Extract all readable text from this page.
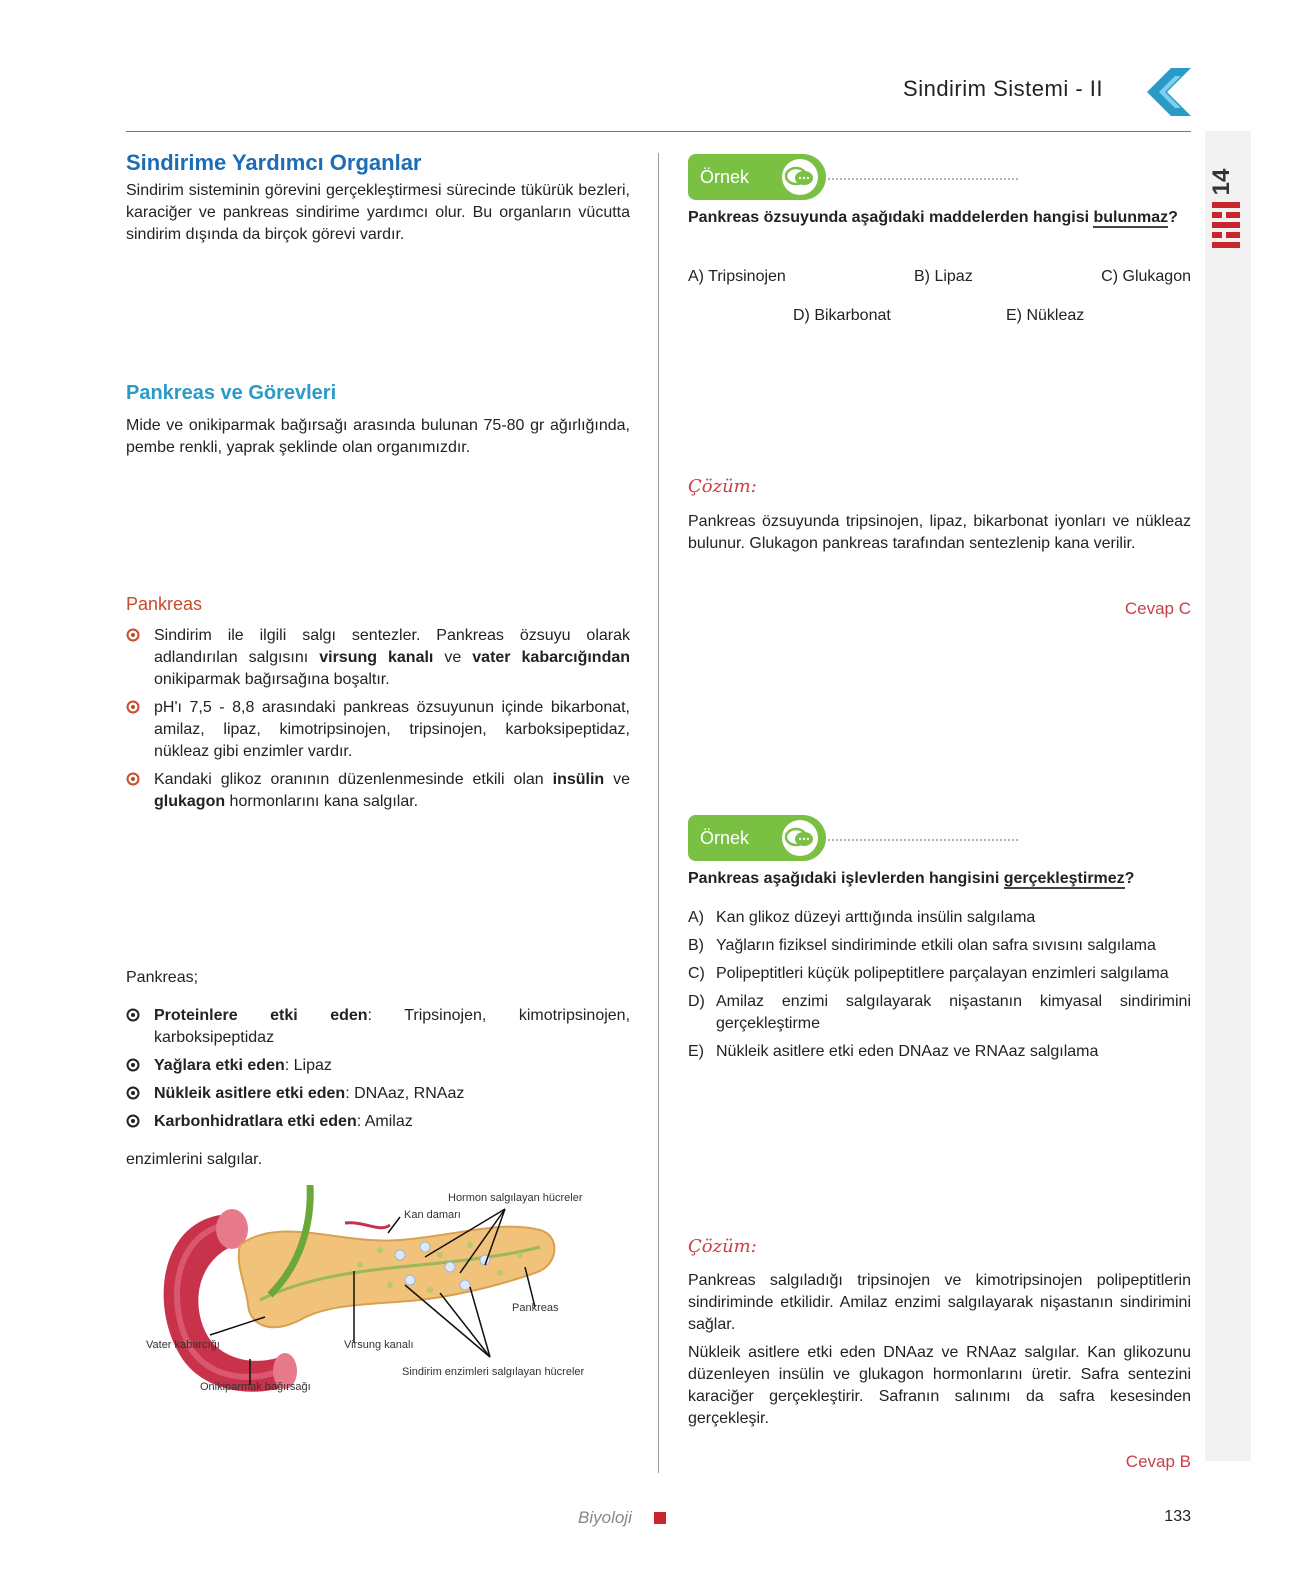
Sindirim Sistemi - II
14
Sindirime Yardımcı Organlar

Sindirim sisteminin görevini gerçekleştirmesi sürecinde tükürük bezleri, karaciğer ve pankreas sindirime yardımcı olur. Bu organların vücutta sindirim dışında da birçok görevi vardır.

Pankreas ve Görevleri

Mide ve onikiparmak bağırsağı arasında bulunan 75-80 gr ağırlığında, pembe renkli, yaprak şeklinde olan organımızdır.

Pankreas
Sindirim ile ilgili salgı sentezler. Pankreas özsuyu olarak adlandırılan salgısını virsung kanalı ve vater kabarcığından onikiparmak bağırsağına boşaltır.
pH'ı 7,5 - 8,8 arasındaki pankreas özsuyunun içinde bikarbonat, amilaz, lipaz, kimotripsinojen, tripsinojen, karboksipeptidaz, nükleaz gibi enzimler vardır.
Kandaki glikoz oranının düzenlenmesinde etkili olan insülin ve glukagon hormonlarını kana salgılar.

Pankreas;

Proteinlere etki eden: Tripsinojen, kimotripsinojen, karboksipeptidaz
Yağlara etki eden: Lipaz
Nükleik asitlere etki eden: DNAaz, RNAaz
Karbonhidratlara etki eden: Amilaz

enzimlerini salgılar.

Hormon salgılayan hücreler
Kan damarı
Pankreas
Vater kabarcığı	Virsung kanalı
Sindirim enzimleri salgılayan hücreler
Onikiparmak bağırsağı
Örnek

Pankreas özsuyunda aşağıdaki maddelerden hangisi bulunmaz?

A) Tripsinojen	B) Lipaz	C) Glukagon
D) Bikarbonat	E) Nükleaz
Çözüm:

Pankreas özsuyunda tripsinojen, lipaz, bikarbonat iyonları ve nükleaz bulunur. Glukagon pankreas tarafından sentezlenip kana verilir.

Cevap C
Örnek

Pankreas aşağıdaki işlevlerden hangisini gerçekleştirmez?

A) Kan glikoz düzeyi arttığında insülin salgılama
B) Yağların fiziksel sindiriminde etkili olan safra sıvısını salgılama
C) Polipeptitleri küçük polipeptitlere parçalayan enzimleri salgılama
D) Amilaz enzimi salgılayarak nişastanın kimyasal sindirimini gerçekleştirme
E) Nükleik asitlere etki eden DNAaz ve RNAaz salgılama
Çözüm:

Pankreas salgıladığı tripsinojen ve kimotripsinojen polipeptitlerin sindiriminde etkilidir. Amilaz enzimi salgılayarak nişastanın sindirimini sağlar.

Nükleik asitlere etki eden DNAaz ve RNAaz salgılar. Kan glikozunu düzenleyen insülin ve glukagon hormonlarını üretir. Safra sentezini karaciğer gerçekleştirir. Safranın salınımı da safra kesesinden gerçekleşir.

Cevap B
Biyoloji	133
